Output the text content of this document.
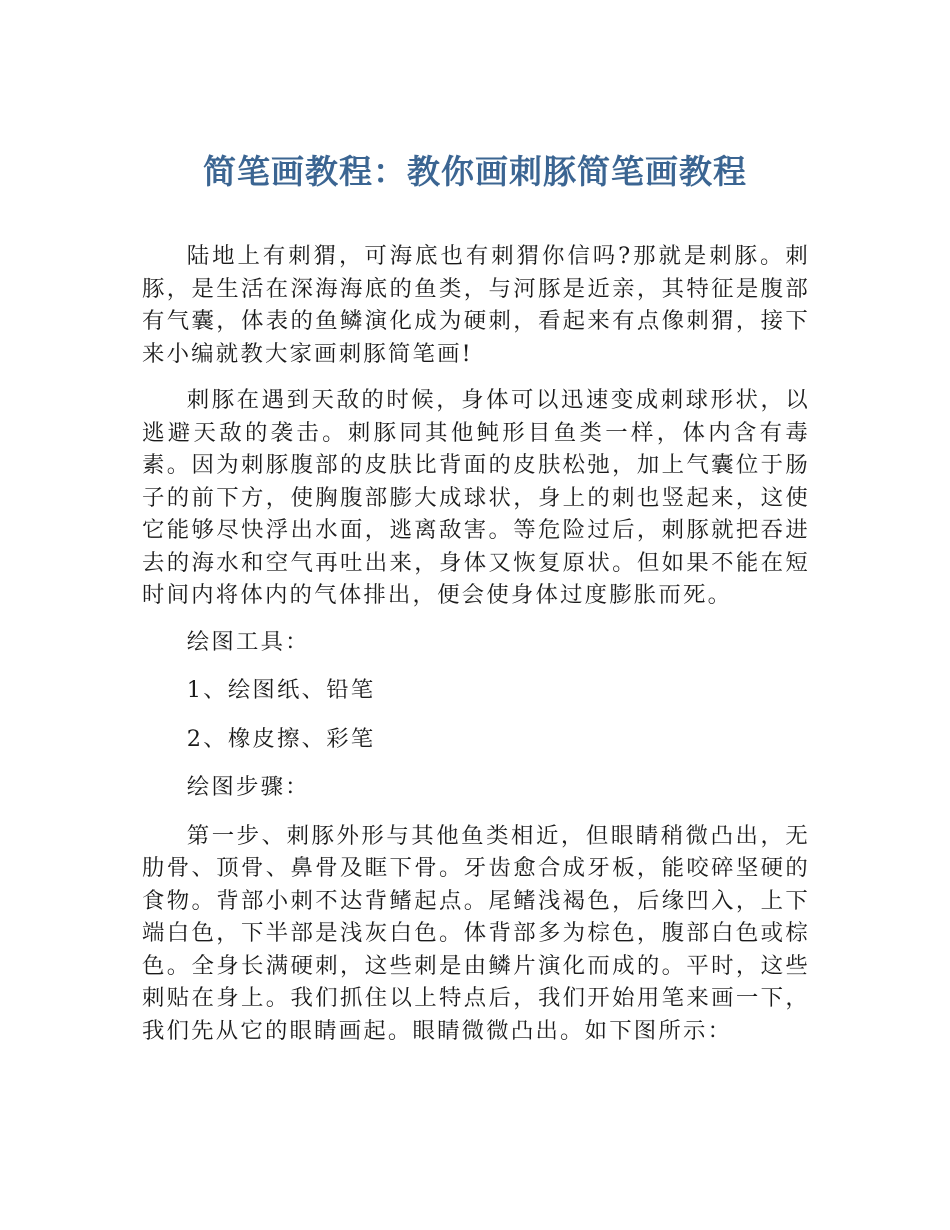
简笔画教程：教你画刺豚简笔画教程

陆地上有刺猬，可海底也有刺猬你信吗?那就是刺豚。刺豚，是生活在深海海底的鱼类，与河豚是近亲，其特征是腹部有气囊，体表的鱼鳞演化成为硬刺，看起来有点像刺猬，接下来小编就教大家画刺豚简笔画!

刺豚在遇到天敌的时候，身体可以迅速变成刺球形状，以逃避天敌的袭击。刺豚同其他鲀形目鱼类一样，体内含有毒素。因为刺豚腹部的皮肤比背面的皮肤松弛，加上气囊位于肠子的前下方，使胸腹部膨大成球状，身上的刺也竖起来，这使它能够尽快浮出水面，逃离敌害。等危险过后，刺豚就把吞进去的海水和空气再吐出来，身体又恢复原状。但如果不能在短时间内将体内的气体排出，便会使身体过度膨胀而死。

绘图工具：

1、绘图纸、铅笔

2、橡皮擦、彩笔

绘图步骤：

第一步、刺豚外形与其他鱼类相近，但眼睛稍微凸出，无肋骨、顶骨、鼻骨及眶下骨。牙齿愈合成牙板，能咬碎坚硬的食物。背部小刺不达背鳍起点。尾鳍浅褐色，后缘凹入，上下端白色，下半部是浅灰白色。体背部多为棕色，腹部白色或棕色。全身长满硬刺，这些刺是由鳞片演化而成的。平时，这些刺贴在身上。我们抓住以上特点后，我们开始用笔来画一下，我们先从它的眼睛画起。眼睛微微凸出。如下图所示：
